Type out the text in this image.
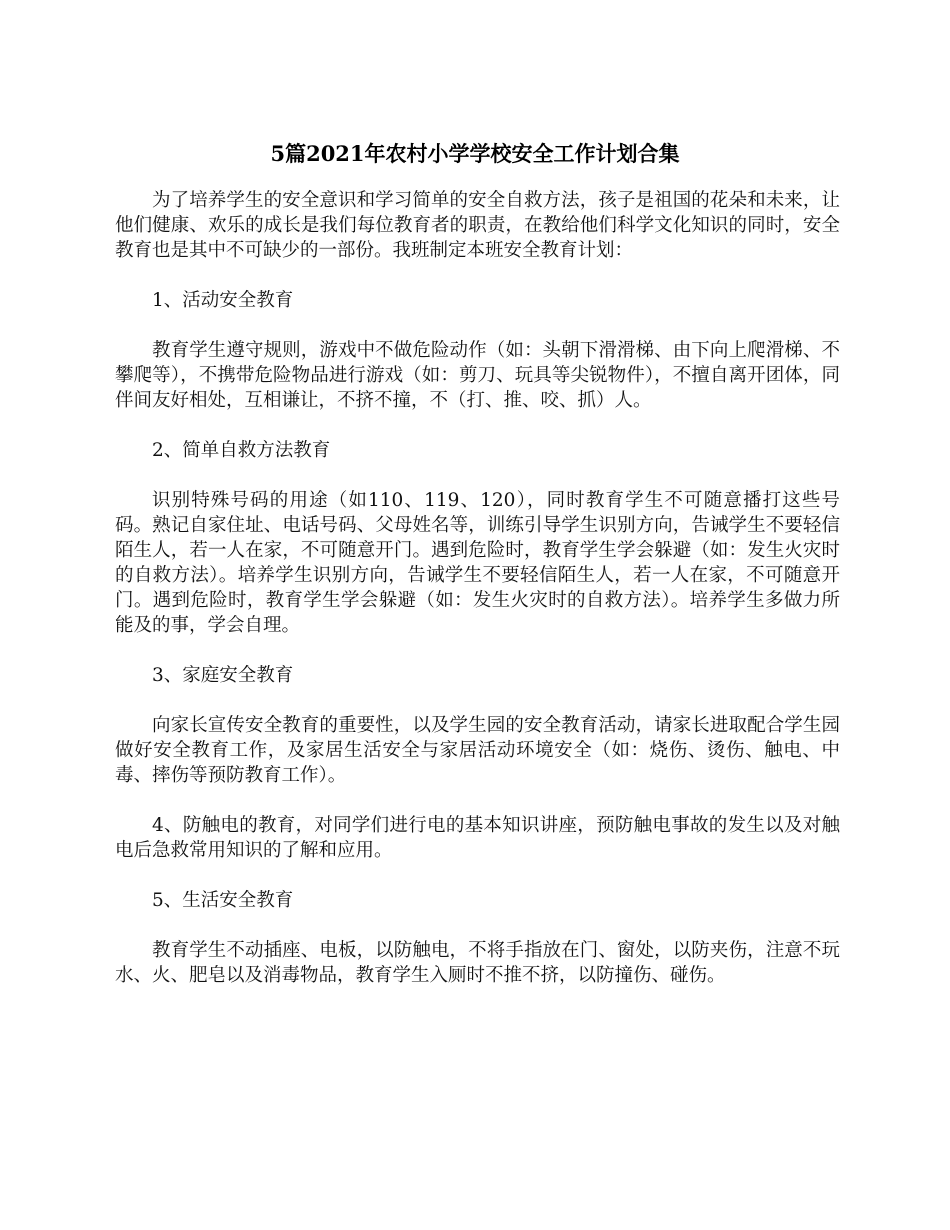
5篇2021年农村小学学校安全工作计划合集

为了培养学生的安全意识和学习简单的安全自救方法，孩子是祖国的花朵和未来，让他们健康、欢乐的成长是我们每位教育者的职责，在教给他们科学文化知识的同时，安全教育也是其中不可缺少的一部份。我班制定本班安全教育计划：

1、活动安全教育

教育学生遵守规则，游戏中不做危险动作（如：头朝下滑滑梯、由下向上爬滑梯、不攀爬等），不携带危险物品进行游戏（如：剪刀、玩具等尖锐物件），不擅自离开团体，同伴间友好相处，互相谦让，不挤不撞，不（打、推、咬、抓）人。

2、简单自救方法教育

识别特殊号码的用途（如110、119、120），同时教育学生不可随意播打这些号码。熟记自家住址、电话号码、父母姓名等，训练引导学生识别方向，告诫学生不要轻信陌生人，若一人在家，不可随意开门。遇到危险时，教育学生学会躲避（如：发生火灾时的自救方法）。培养学生识别方向，告诫学生不要轻信陌生人，若一人在家，不可随意开门。遇到危险时，教育学生学会躲避（如：发生火灾时的自救方法）。培养学生多做力所能及的事，学会自理。

3、家庭安全教育

向家长宣传安全教育的重要性，以及学生园的安全教育活动，请家长进取配合学生园做好安全教育工作，及家居生活安全与家居活动环境安全（如：烧伤、烫伤、触电、中毒、摔伤等预防教育工作）。

4、防触电的教育，对同学们进行电的基本知识讲座，预防触电事故的发生以及对触电后急救常用知识的了解和应用。

5、生活安全教育

教育学生不动插座、电板，以防触电，不将手指放在门、窗处，以防夹伤，注意不玩水、火、肥皂以及消毒物品，教育学生入厕时不推不挤，以防撞伤、碰伤。
